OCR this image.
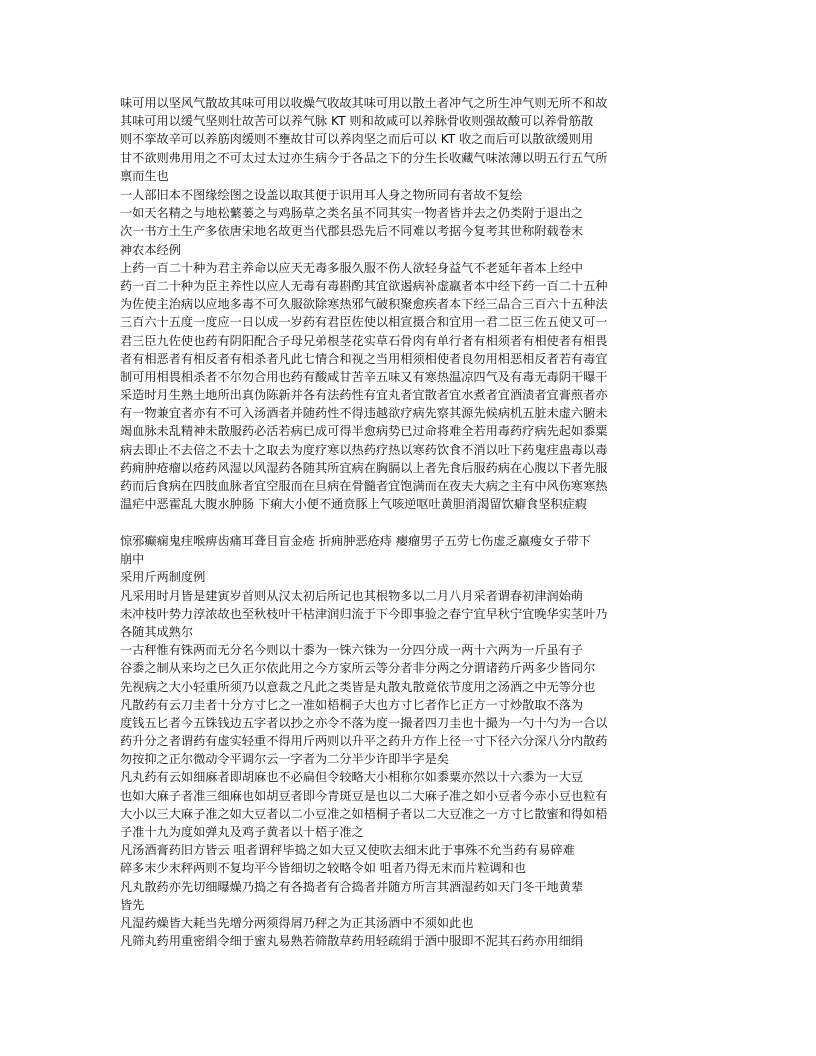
味可用以坚风气散故其味可用以收燥气收故其味可用以散土者冲气之所生冲气则无所不和故
其味可用以缓气坚则壮故苦可以养气脉 KT 则和故咸可以养脉骨收则强故酸可以养骨筋散
则不挛故辛可以养筋肉缓则不壅故甘可以养肉坚之而后可以 KT 收之而后可以散欲缓则用
甘不欲则弗用用之不可太过太过亦生病今于各品之下的分生长收藏气味浓薄以明五行五气所
禀而生也
一人部旧本不图缘绘图之设盖以取其便于识用耳人身之物所同有者故不复绘
一如天名精之与地松蘩蒌之与鸡肠草之类名虽不同其实一物者皆并去之仍类附于退出之
次一书方土生产多依唐宋地名故更当代郡县恐先后不同难以考据今复考其世称附载卷末
神农本经例
上药一百二十种为君主养命以应天无毒多服久服不伤人欲轻身益气不老延年者本上经中
药一百二十种为臣主养性以应人无毒有毒斟酌其宜欲遏病补虚羸者本中经下药一百二十五种
为佐使主治病以应地多毒不可久服欲除寒热邪气破积聚愈疾者本下经三品合三百六十五种法
三百六十五度一度应一日以成一岁药有君臣佐使以相宣摄合和宜用一君二臣三佐五使又可一
君三臣九佐使也药有阴阳配合子母兄弟根茎花实草石骨肉有单行者有相须者有相使者有相畏
者有相恶者有相反者有相杀者凡此七情合和视之当用相须相使者良勿用相恶相反者若有毒宜
制可用相畏相杀者不尔勿合用也药有酸咸甘苦辛五味又有寒热温凉四气及有毒无毒阴干曝干
采造时月生熟土地所出真伪陈新并各有法药性有宜丸者宜散者宜水煮者宜酒渍者宜膏煎者亦
有一物兼宜者亦有不可入汤酒者并随药性不得违越欲疗病先察其源先候病机五脏未虚六腑未
竭血脉未乱精神未散服药必活若病已成可得半愈病势已过命将难全若用毒药疗病先起如黍粟
病去即止不去倍之不去十之取去为度疗寒以热药疗热以寒药饮食不消以吐下药鬼疰蛊毒以毒
药痈肿疮瘤以疮药风湿以风湿药各随其所宜病在胸膈以上者先食后服药病在心腹以下者先服
药而后食病在四肢血脉者宜空服而在旦病在骨髓者宜饱满而在夜夫大病之主有中风伤寒寒热
温疟中恶霍乱大腹水肿肠 下痢大小便不通贲豚上气咳逆呕吐黄胆消渴留饮癖食坚积症瘕
惊邪癫痫鬼疰喉痹齿痛耳聋目盲金疮 折痈肿恶疮痔 瘿瘤男子五劳七伤虚乏羸瘦女子带下
崩中
采用斤两制度例
凡采用时月皆是建寅岁首则从汉太初后所记也其根物多以二月八月采者谓春初津润始萌
未冲枝叶势力淳浓故也至秋枝叶干枯津润归流于下今即事验之春宁宜早秋宁宜晚华实茎叶乃
各随其成熟尔
一古秤惟有铢两而无分名今则以十黍为一铢六铢为一分四分成一两十六两为一斤虽有子
谷黍之制从来均之已久正尔依此用之今方家所云等分者非分两之分谓诸药斤两多少皆同尔
先视病之大小轻重所须乃以意裁之凡此之类皆是丸散丸散竟依节度用之汤酒之中无等分也
凡散药有云刀圭者十分方寸匕之一准如梧桐子大也方寸匕者作匕正方一寸炒散取不落为
度钱五匕者今五铢钱边五字者以抄之亦令不落为度一撮者四刀圭也十撮为一勺十勺为一合以
药升分之者谓药有虚实轻重不得用斤两则以升平之药升方作上径一寸下径六分深八分内散药
勿按抑之正尔微动令平调尔云一字者为二分半少许即半字是矣
凡丸药有云如细麻者即胡麻也不必扁但令较略大小相称尔如黍粟亦然以十六黍为一大豆
也如大麻子者准三细麻也如胡豆者即今青斑豆是也以二大麻子准之如小豆者今赤小豆也粒有
大小以三大麻子准之如大豆者以二小豆准之如梧桐子者以二大豆准之一方寸匕散蜜和得如梧
子准十九为度如弹丸及鸡子黄者以十梧子准之
凡汤酒膏药旧方皆云 咀者谓秤毕捣之如大豆又使吹去细末此于事殊不允当药有易碎难
碎多末少末秤两则不复均平今皆细切之较略令如 咀者乃得无末而片粒调和也
凡丸散药亦先切细曝燥乃捣之有各捣者有合捣者并随方所言其酒湿药如天门冬干地黄辈
皆先
凡湿药燥皆大耗当先增分两须得屑乃秤之为正其汤酒中不须如此也
凡筛丸药用重密绢令细于蜜丸易熟若筛散草药用轻疏绢于酒中服即不泥其石药亦用细绢
